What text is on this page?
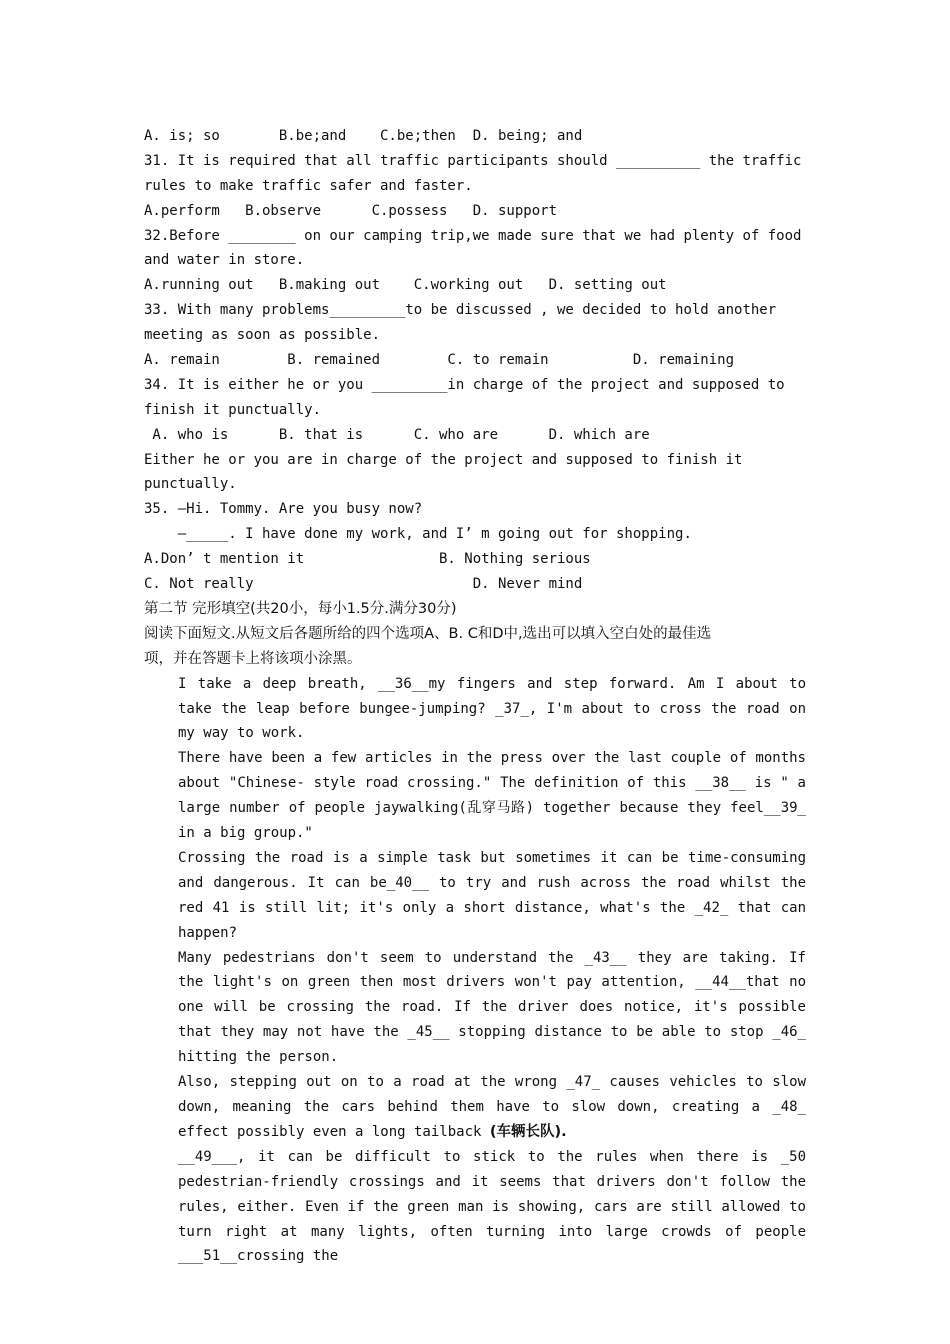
A. is; so       B.be;and    C.be;then  D. being; and
31. It is required that all traffic participants should __________ the traffic
rules to make traffic safer and faster.
A.perform   B.observe      C.possess   D. support
32.Before ________ on our camping trip,we made sure that we had plenty of food
and water in store.
A.running out   B.making out    C.working out   D. setting out
33. With many problems_________to be discussed , we decided to hold another
meeting as soon as possible.
A. remain        B. remained        C. to remain          D. remaining
34. It is either he or you _________in charge of the project and supposed to
finish it punctually.
A. who is      B. that is      C. who are      D. which are
Either he or you are in charge of the project and supposed to finish it
punctually.
35. —Hi. Tommy. Are you busy now?
—_____. I have done my work, and I’ m going out for shopping.
A.Don’ t mention it                B. Nothing serious
C. Not really                          D. Never mind
第二节 完形填空(共20小，每小1.5分.满分30分)
阅读下面短文.从短文后各题所给的四个选项A、B. C和D中,选出可以填入空白处的最佳选
项，并在答题卡上将该项小涂黑。
I take a deep breath, __36__my fingers and step forward. Am I about to take the leap before bungee-jumping? _37_, I'm about to cross the road on my way to work.
There have been a few articles in the press over the last couple of months about "Chinese- style road crossing." The definition of this __38__ is " a large number of people jaywalking(乱穿马路) together because they feel__39_ in a big group."
Crossing the road is a simple task but sometimes it can be time-consuming and dangerous. It can be_40__ to try and rush across the road whilst the red 41 is still lit; it's only a short distance, what's the _42_ that can happen?
Many pedestrians don't seem to understand the _43__ they are taking. If the light's on green then most drivers won't pay attention, __44__that no one will be crossing the road. If the driver does notice, it's possible that they may not have the _45__ stopping distance to be able to stop _46_ hitting the person.
Also, stepping out on to a road at the wrong _47_ causes vehicles to slow down, meaning the cars behind them have to slow down, creating a _48_ effect possibly even a long tailback (车辆长队).
__49___, it can be difficult to stick to the rules when there is _50 pedestrian-friendly crossings and it seems that drivers don't follow the rules, either. Even if the green man is showing, cars are still allowed to turn right at many lights, often turning into large crowds of people ___51__crossing the
